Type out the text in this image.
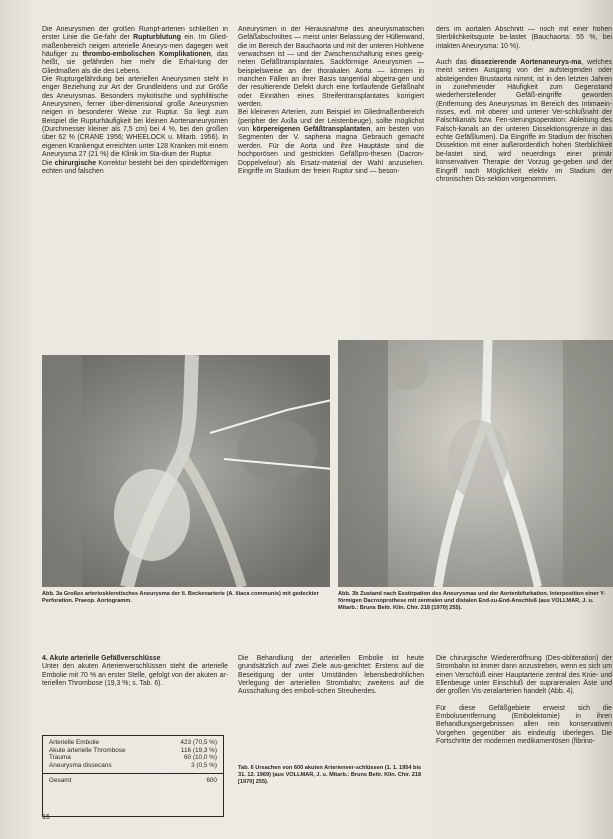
Die Aneurysmen der großen Rumpf-arterien schließen in erster Linie die Ge-fahr der Rupturblutung ein. Im Glied-maßenbereich neigen arterielle Aneurys-men dagegen weit häufiger zu thrombo-embolischen Komplikationen, das heißt, sie gefährden hier mehr die Erhal-tung der Gliedmaßen als die des Lebens.

Die Rupturgefährdung bei arteriellen Aneurysmen steht in enger Beziehung zur Art der Grundleidens und zur Größe des Aneurysmas. Besonders mykotische und syphilitische Aneurysmen, ferner über-dimensional große Aneurysmen neigen in besonderer Weise zur Ruptur. So liegt zum Beispiel die Rupturhäufigkeit bei kleinen Aortenaneurysmen (Durchmesser kleiner als 7,5 cm) bei 4 %, bei den großen über 62 % (CRANE 1956; WHEELOCK u. Mitarb. 1956). In eigenen Krankengut erreichten unter 128 Kranken mit einem Aneurysma 27 (21 %) die Klinik im Sta-dium der Ruptur.

Die chirurgische Korrektur besteht bei den spindelförmigen echten und falschen

Aneurysmen in der Herausnahme des aneurysmatischen Gefäßabschnittes — meist unter Belassung der Hüllenwand, die im Bereich der Bauchaorta und mit der unteren Hohlvene verwachsen ist — und der Zwischenschaltung eines geeig-neten Gefäßtransplantates. Sackförmige Aneurysmen — beispielsweise an der thorakalen Aorta — können in manchen Fällen an ihrer Basis tangential abgetra-gen und der resultierende Defekt durch eine fortlaufende Gefäßnaht oder Einnähen eines Streifentransplantates korrigiert werden.

Bei kleineren Arterien, zum Beispiel im Gliedmaßenbereich (peripher der Axilla und der Leistenbeuge), sollte möglichst von körpereigenen Gefäßtransplantaten, am besten von Segmenten der V. saphena magna Gebrauch gemacht werden. Für die Aorta und ihre Hauptäste sind die hochporösen und gestrickten Gefäßpro-thesen (Dacron-Doppelvelour) als Ersatz-material der Wahl anzusehen. Eingriffe im Stadium der freien Ruptur sind — beson-

ders im aortalen Abschnitt — noch mit einer hohen Sterblichkeitsquote be-lastet (Bauchaorta: 55 %, bei intakten Aneurysma: 10 %).

Auch das dissezierende Aortenaneurys-ma, welches meist seinen Ausgang von der aufsteigenden oder absteigenden Brustaorta nimmt, ist in den letzten Jahren in zunehmender Häufigkeit zum Gegenstand wiederherstellender Gefäß-eingriffe geworden (Entfernung des Aneurysmas im Bereich des Intimaein-risses, evtl. mit oberer und unterer Ver-schlußnaht der Falschkanals bzw. Fen-sterungsoperation: Ableitung des Falsch-kanals an der unteren Dissektionsgrenze in das echte Gefäßlumen). Da Eingriffe im Stadium der frischen Dissektion mit einer außerordentlich hohen Sterblichkeit be-lastet sind, wird neuerdings einer primär konservativen Therapie der Vorzug ge-geben und der Eingriff nach Möglichkeit elektiv im Stadium der chronischen Dis-sektion vorgenommen.

Abb. 3a Großes arteriosklerotisches Aneurysma der li. Beckenarterie (A. iliaca communis) mit gedeckter Perforation. Praeop. Aortogramm.
Abb. 3b Zustand nach Exstirpation des Aneurysmas und der Aortenbifurkation. Interposition einer Y-förmigen Dacronprothese mit zentralen und distalen End-zu-End-Anschluß (aus VOLLMAR, J. u. Mitarb.: Bruns Beitr. Klin. Chir. 218 [1970] 255).
4. Akute arterielle Gefäßverschlüsse
Unter den akuten Arterienverschlüssen steht die arterielle Embolie mit 70 % an erster Stelle, gefolgt von der akuten ar-teriellen Thrombose (19,3 %; s. Tab. 6).
Arterielle Embolie	423 (70,5 %)
Akute arterielle Thrombose	116 (19,3 %)
Trauma	60 (10,0 %)
Aneurysma dissecans	3 (0,5 %)
Gesamt	600
Die Behandlung der arteriellen Embolie ist heute grundsätzlich auf zwei Ziele aus-gerichtet: Erstens auf die Beseitigung der unter Umständen lebensbedrohlichen Verlegung der arteriellen Strombahn; zweitens auf die Ausschaltung des emboli-schen Streuherdes.
Tab. 6 Ursachen von 600 akuten Arterienver-schlüssen (1. 1. 1954 bis 31. 12. 1969) (aus VOLLMAR, J. u. Mitarb.: Bruns Beitr. Klin. Chir. 218 [1970] 255).

Die chirurgische Wiedereröffnung (Des-obliteration) der Strombahn ist immer dann anzustreben, wenn es sich um einen Verschluß einer Hauptarterie zentral des Knie- und Ellenbeuge unter Einschluß der suprarenalen Äste und der großen Vis-zeralarterien handelt (Abb. 4).

Für diese Gefäßgebiete erweist sich die Embolusentfernung (Embolektomie) in ihren Behandlungsergebnissen allen rein konservativen Vorgehen gegenüber als eindeutig überlegen. Die Fortschritte der modernen medikamentösen (fibrino-

16
